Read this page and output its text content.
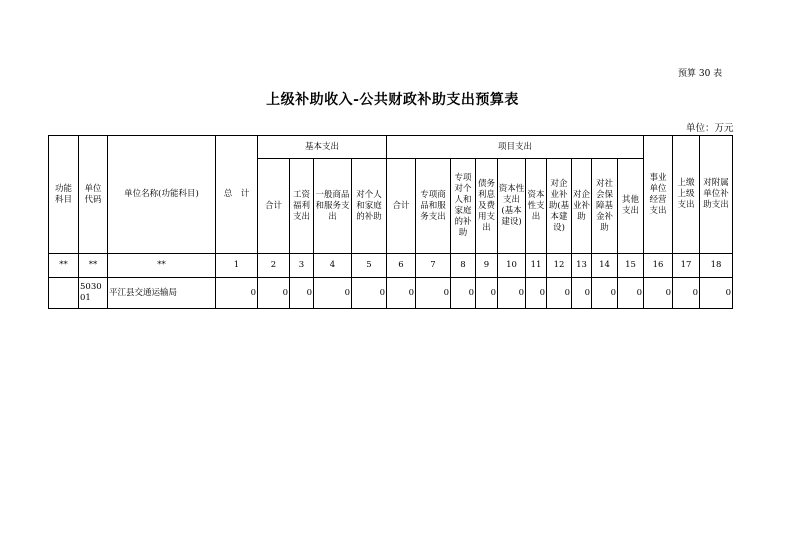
预算 30 表
上级补助收入-公共财政补助支出预算表
单位：万元
功能科目	单位代码	单位名称(功能科目)	总　计	基本支出				项目支出										事业单位经营支出	上缴上级支出	对附属单位补助支出

				合计	工资福利支出	一般商品和服务支出	对个人和家庭的补助	合计	专项商品和服务支出	专项对个人和家庭的补助	债务利息及费用支出	资本性支出(基本建设)	资本性支出	对企业补助(基本建设)	对企业补助	对社会保障基金补助	其他支出			

**	**	**	1	2	3	4	5	6	7	8	9	10	11	12	13	14	15	16	17	18

	503001	平江县交通运输局	0	0	0	0	0	0	0	0	0	0	0	0	0	0	0	0	0	0
